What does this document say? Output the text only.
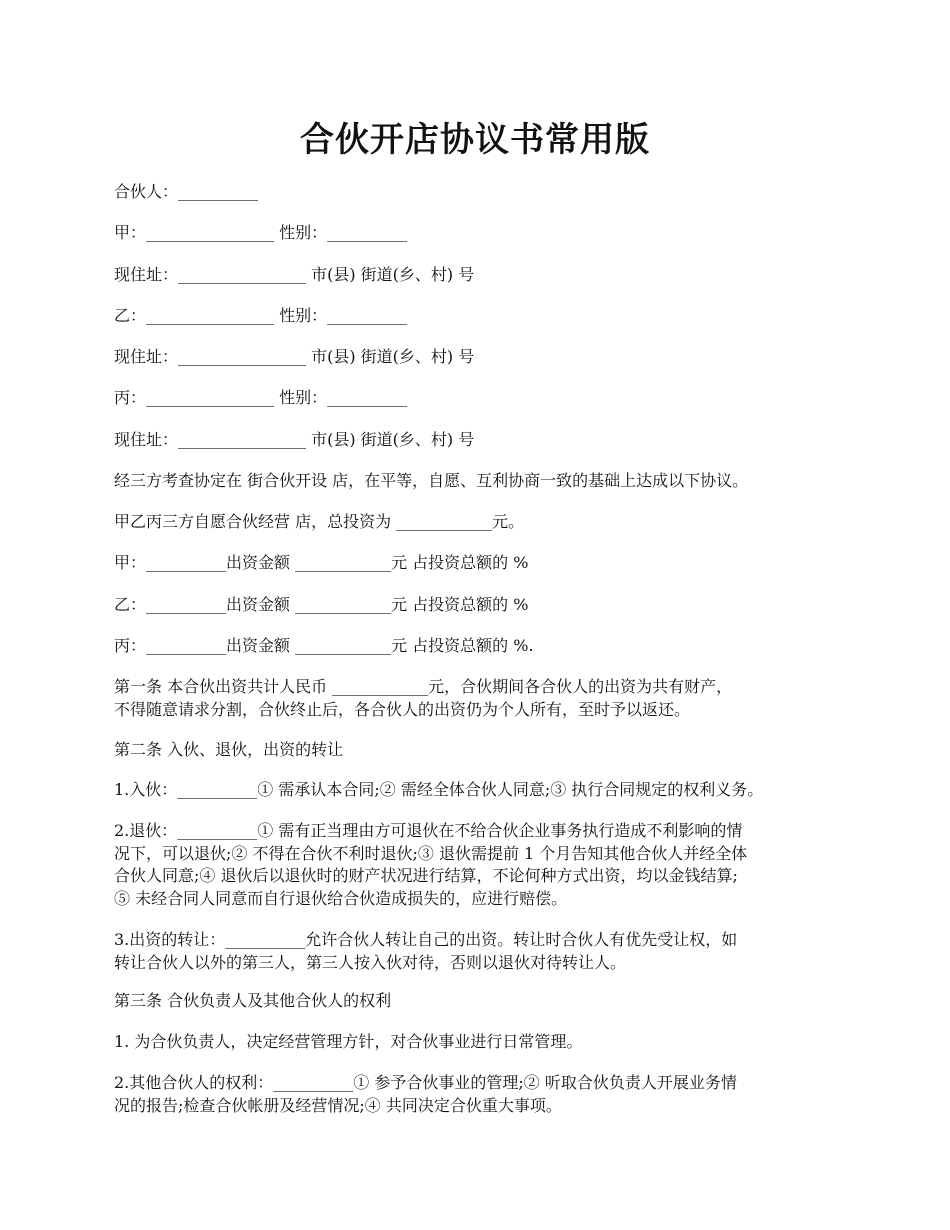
合伙开店协议书常用版

合伙人：__________

甲：________________ 性别：__________

现住址：________________ 市(县) 街道(乡、村) 号

乙：________________ 性别：__________

现住址：________________ 市(县) 街道(乡、村) 号

丙：________________ 性别：__________

现住址：________________ 市(县) 街道(乡、村) 号

经三方考查协定在 街合伙开设 店，在平等，自愿、互利协商一致的基础上达成以下协议。

甲乙丙三方自愿合伙经营 店，总投资为 ____________元。

甲：__________出资金额 ____________元 占投资总额的 %

乙：__________出资金额 ____________元 占投资总额的 %

丙：__________出资金额 ____________元 占投资总额的 %.

第一条 本合伙出资共计人民币 ____________元，合伙期间各合伙人的出资为共有财产，
不得随意请求分割，合伙终止后，各合伙人的出资仍为个人所有，至时予以返还。

第二条 入伙、退伙，出资的转让

1.入伙：__________① 需承认本合同;② 需经全体合伙人同意;③ 执行合同规定的权利义务。

2.退伙：__________① 需有正当理由方可退伙在不给合伙企业事务执行造成不利影响的情
况下，可以退伙;② 不得在合伙不利时退伙;③ 退伙需提前 1 个月告知其他合伙人并经全体
合伙人同意;④ 退伙后以退伙时的财产状况进行结算，不论何种方式出资，均以金钱结算;
⑤ 未经合同人同意而自行退伙给合伙造成损失的，应进行赔偿。

3.出资的转让：__________允许合伙人转让自己的出资。转让时合伙人有优先受让权，如
转让合伙人以外的第三人，第三人按入伙对待，否则以退伙对待转让人。

第三条 合伙负责人及其他合伙人的权利

1. 为合伙负责人，决定经营管理方针，对合伙事业进行日常管理。

2.其他合伙人的权利：__________① 参予合伙事业的管理;② 听取合伙负责人开展业务情
况的报告;检查合伙帐册及经营情况;④ 共同决定合伙重大事项。
